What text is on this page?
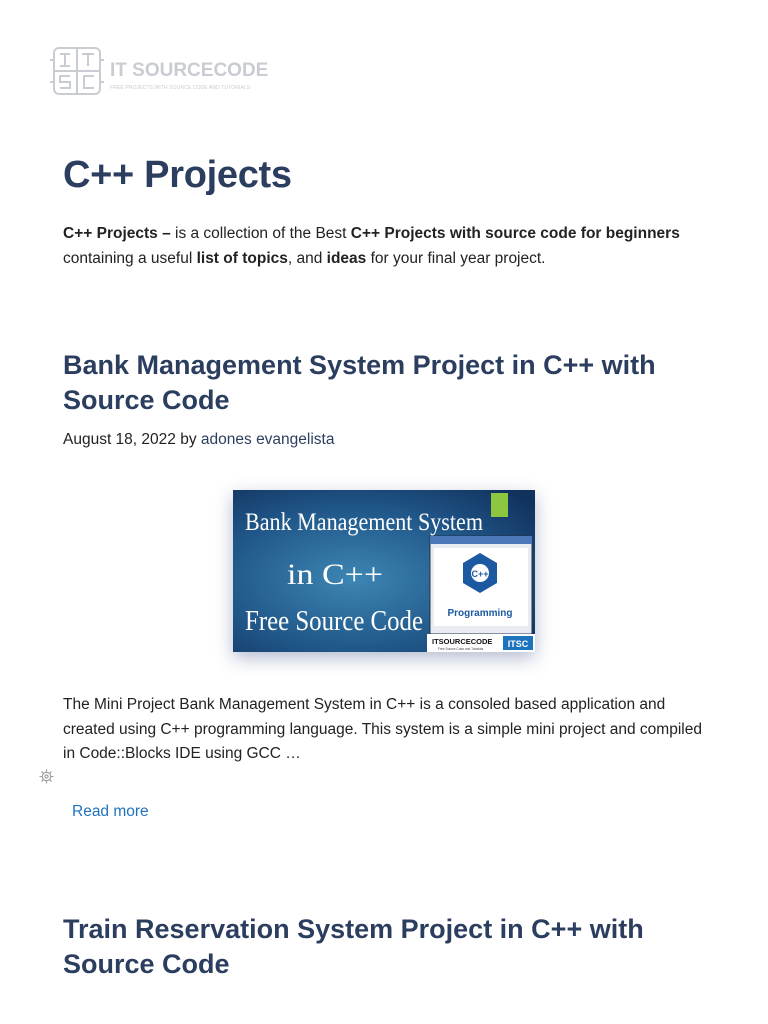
IT SOURCECODE
FREE PROJECTS WITH SOURCE CODE AND TUTORIALS
C++ Projects

C++ Projects – is a collection of the Best C++ Projects with source code for beginners containing a useful list of topics, and ideas for your final year project.

Bank Management System Project in C++ with Source Code
August 18, 2022 by adones evangelista
C++
Programming
Bank Management System
in C++
Free Source Code
ITSOURCECODE
Free Source Code and Tutorials	ITSC

The Mini Project Bank Management System in C++ is a consoled based application and created using C++ programming language. This system is a simple mini project and compiled in Code::Blocks IDE using GCC …

Read more
Train Reservation System Project in C++ with Source Code
